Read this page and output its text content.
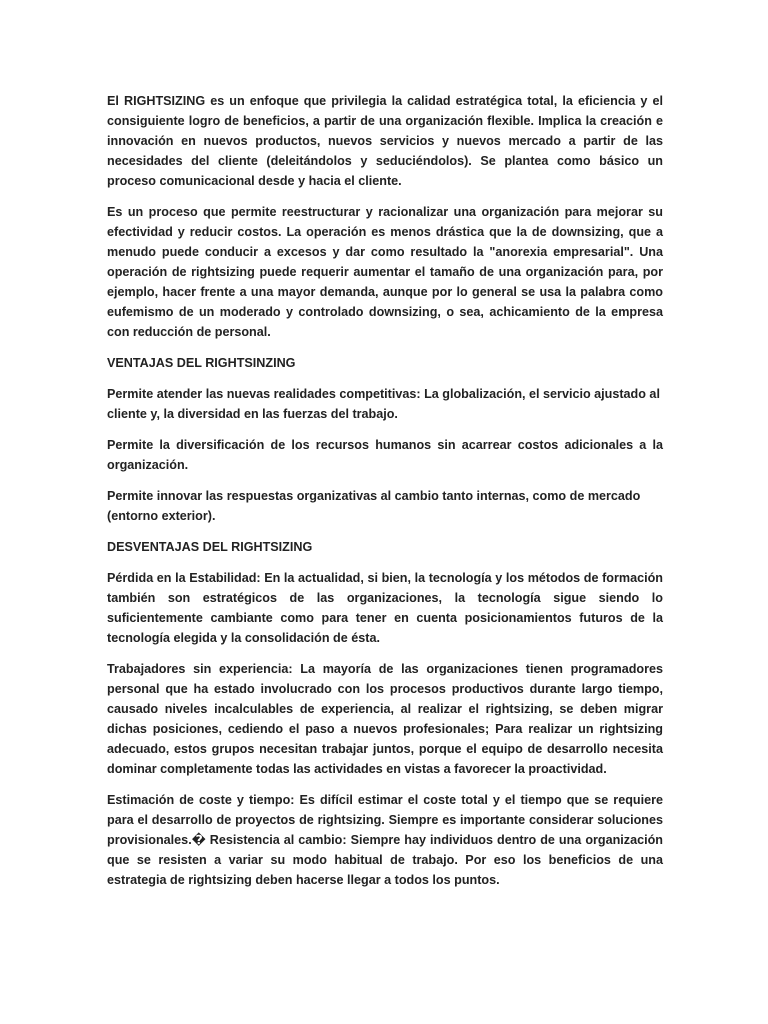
El RIGHTSIZING es un enfoque que privilegia la calidad estratégica total, la eficiencia y el consiguiente logro de beneficios, a partir de una organización flexible. Implica la creación e innovación en nuevos productos, nuevos servicios y nuevos mercado a partir de las necesidades del cliente (deleitándolos y seduciéndolos). Se plantea como básico un proceso comunicacional desde y hacia el cliente.

Es un proceso que permite reestructurar y racionalizar una organización para mejorar su efectividad y reducir costos. La operación es menos drástica que la de downsizing, que a menudo puede conducir a excesos y dar como resultado la "anorexia empresarial". Una operación de rightsizing puede requerir aumentar el tamaño de una organización para, por ejemplo, hacer frente a una mayor demanda, aunque por lo general se usa la palabra como eufemismo de un moderado y controlado downsizing, o sea, achicamiento de la empresa con reducción de personal.

VENTAJAS DEL RIGHTSINZING

Permite atender las nuevas realidades competitivas: La globalización, el servicio ajustado al cliente y, la diversidad en las fuerzas del trabajo.

Permite la diversificación de los recursos humanos sin acarrear costos adicionales a la organización.

Permite innovar las respuestas organizativas al cambio tanto internas, como de mercado (entorno exterior).

DESVENTAJAS DEL RIGHTSIZING

Pérdida en la Estabilidad: En la actualidad, si bien, la tecnología y los métodos de formación también son estratégicos de las organizaciones, la tecnología sigue siendo lo suficientemente cambiante como para tener en cuenta posicionamientos futuros de la tecnología elegida y la consolidación de ésta.

Trabajadores sin experiencia: La mayoría de las organizaciones tienen programadores personal que ha estado involucrado con los procesos productivos durante largo tiempo, causado niveles incalculables de experiencia, al realizar el rightsizing, se deben migrar dichas posiciones, cediendo el paso a nuevos profesionales; Para realizar un rightsizing adecuado, estos grupos necesitan trabajar juntos, porque el equipo de desarrollo necesita dominar completamente todas las actividades en vistas a favorecer la proactividad.

Estimación de coste y tiempo: Es difícil estimar el coste total y el tiempo que se requiere para el desarrollo de proyectos de rightsizing. Siempre es importante considerar soluciones provisionales.� Resistencia al cambio: Siempre hay individuos dentro de una organización que se resisten a variar su modo habitual de trabajo. Por eso los beneficios de una estrategia de rightsizing deben hacerse llegar a todos los puntos.
